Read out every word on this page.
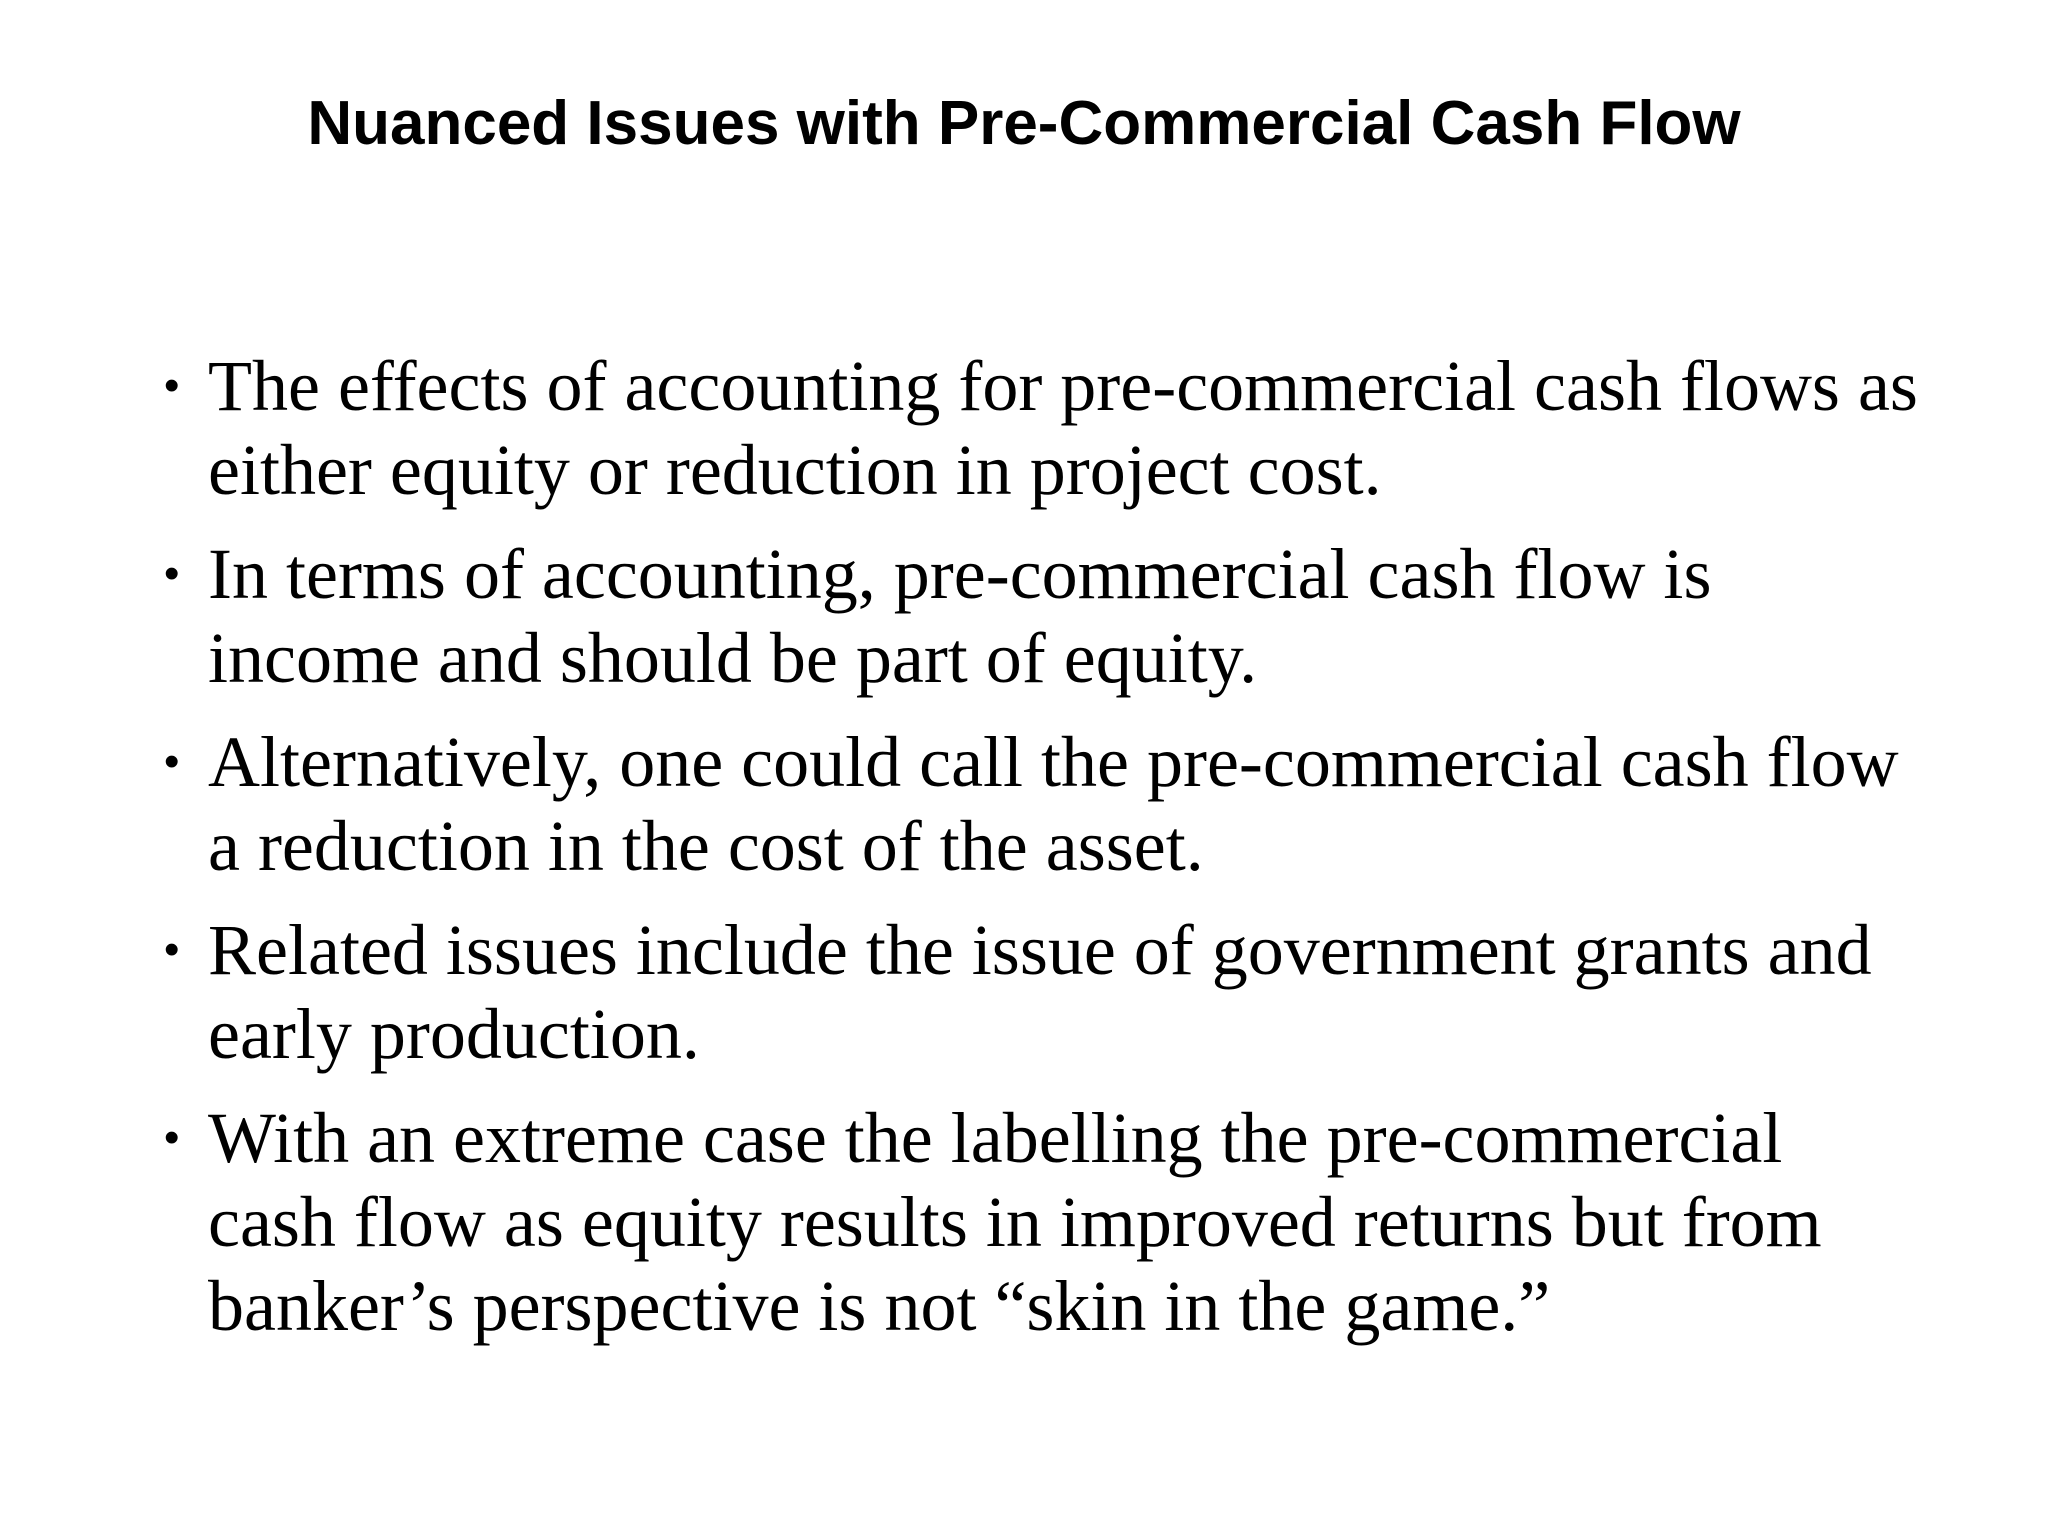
Nuanced Issues with Pre-Commercial Cash Flow
• The effects of accounting for pre-commercial cash flows as either equity or reduction in project cost.
• In terms of accounting, pre-commercial cash flow is income and should be part of equity.
• Alternatively, one could call the pre-commercial cash flow a reduction in the cost of the asset.
• Related issues include the issue of government grants and early production.
• With an extreme case the labelling the pre-commercial cash flow as equity results in improved returns but from banker’s perspective is not “skin in the game.”
